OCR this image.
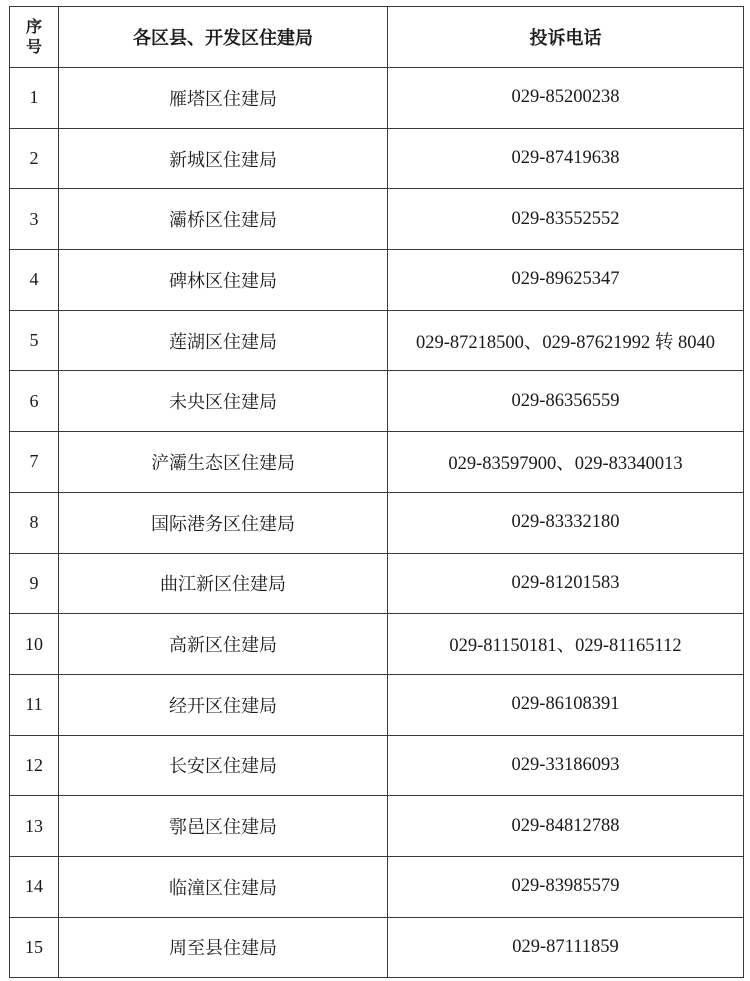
序
号	各区县、开发区住建局	投诉电话
1	雁塔区住建局	029-85200238
2	新城区住建局	029-87419638
3	灞桥区住建局	029-83552552
4	碑林区住建局	029-89625347
5	莲湖区住建局	029-87218500、029-87621992 转 8040
6	未央区住建局	029-86356559
7	浐灞生态区住建局	029-83597900、029-83340013
8	国际港务区住建局	029-83332180
9	曲江新区住建局	029-81201583
10	高新区住建局	029-81150181、029-81165112
11	经开区住建局	029-86108391
12	长安区住建局	029-33186093
13	鄠邑区住建局	029-84812788
14	临潼区住建局	029-83985579
15	周至县住建局	029-87111859
